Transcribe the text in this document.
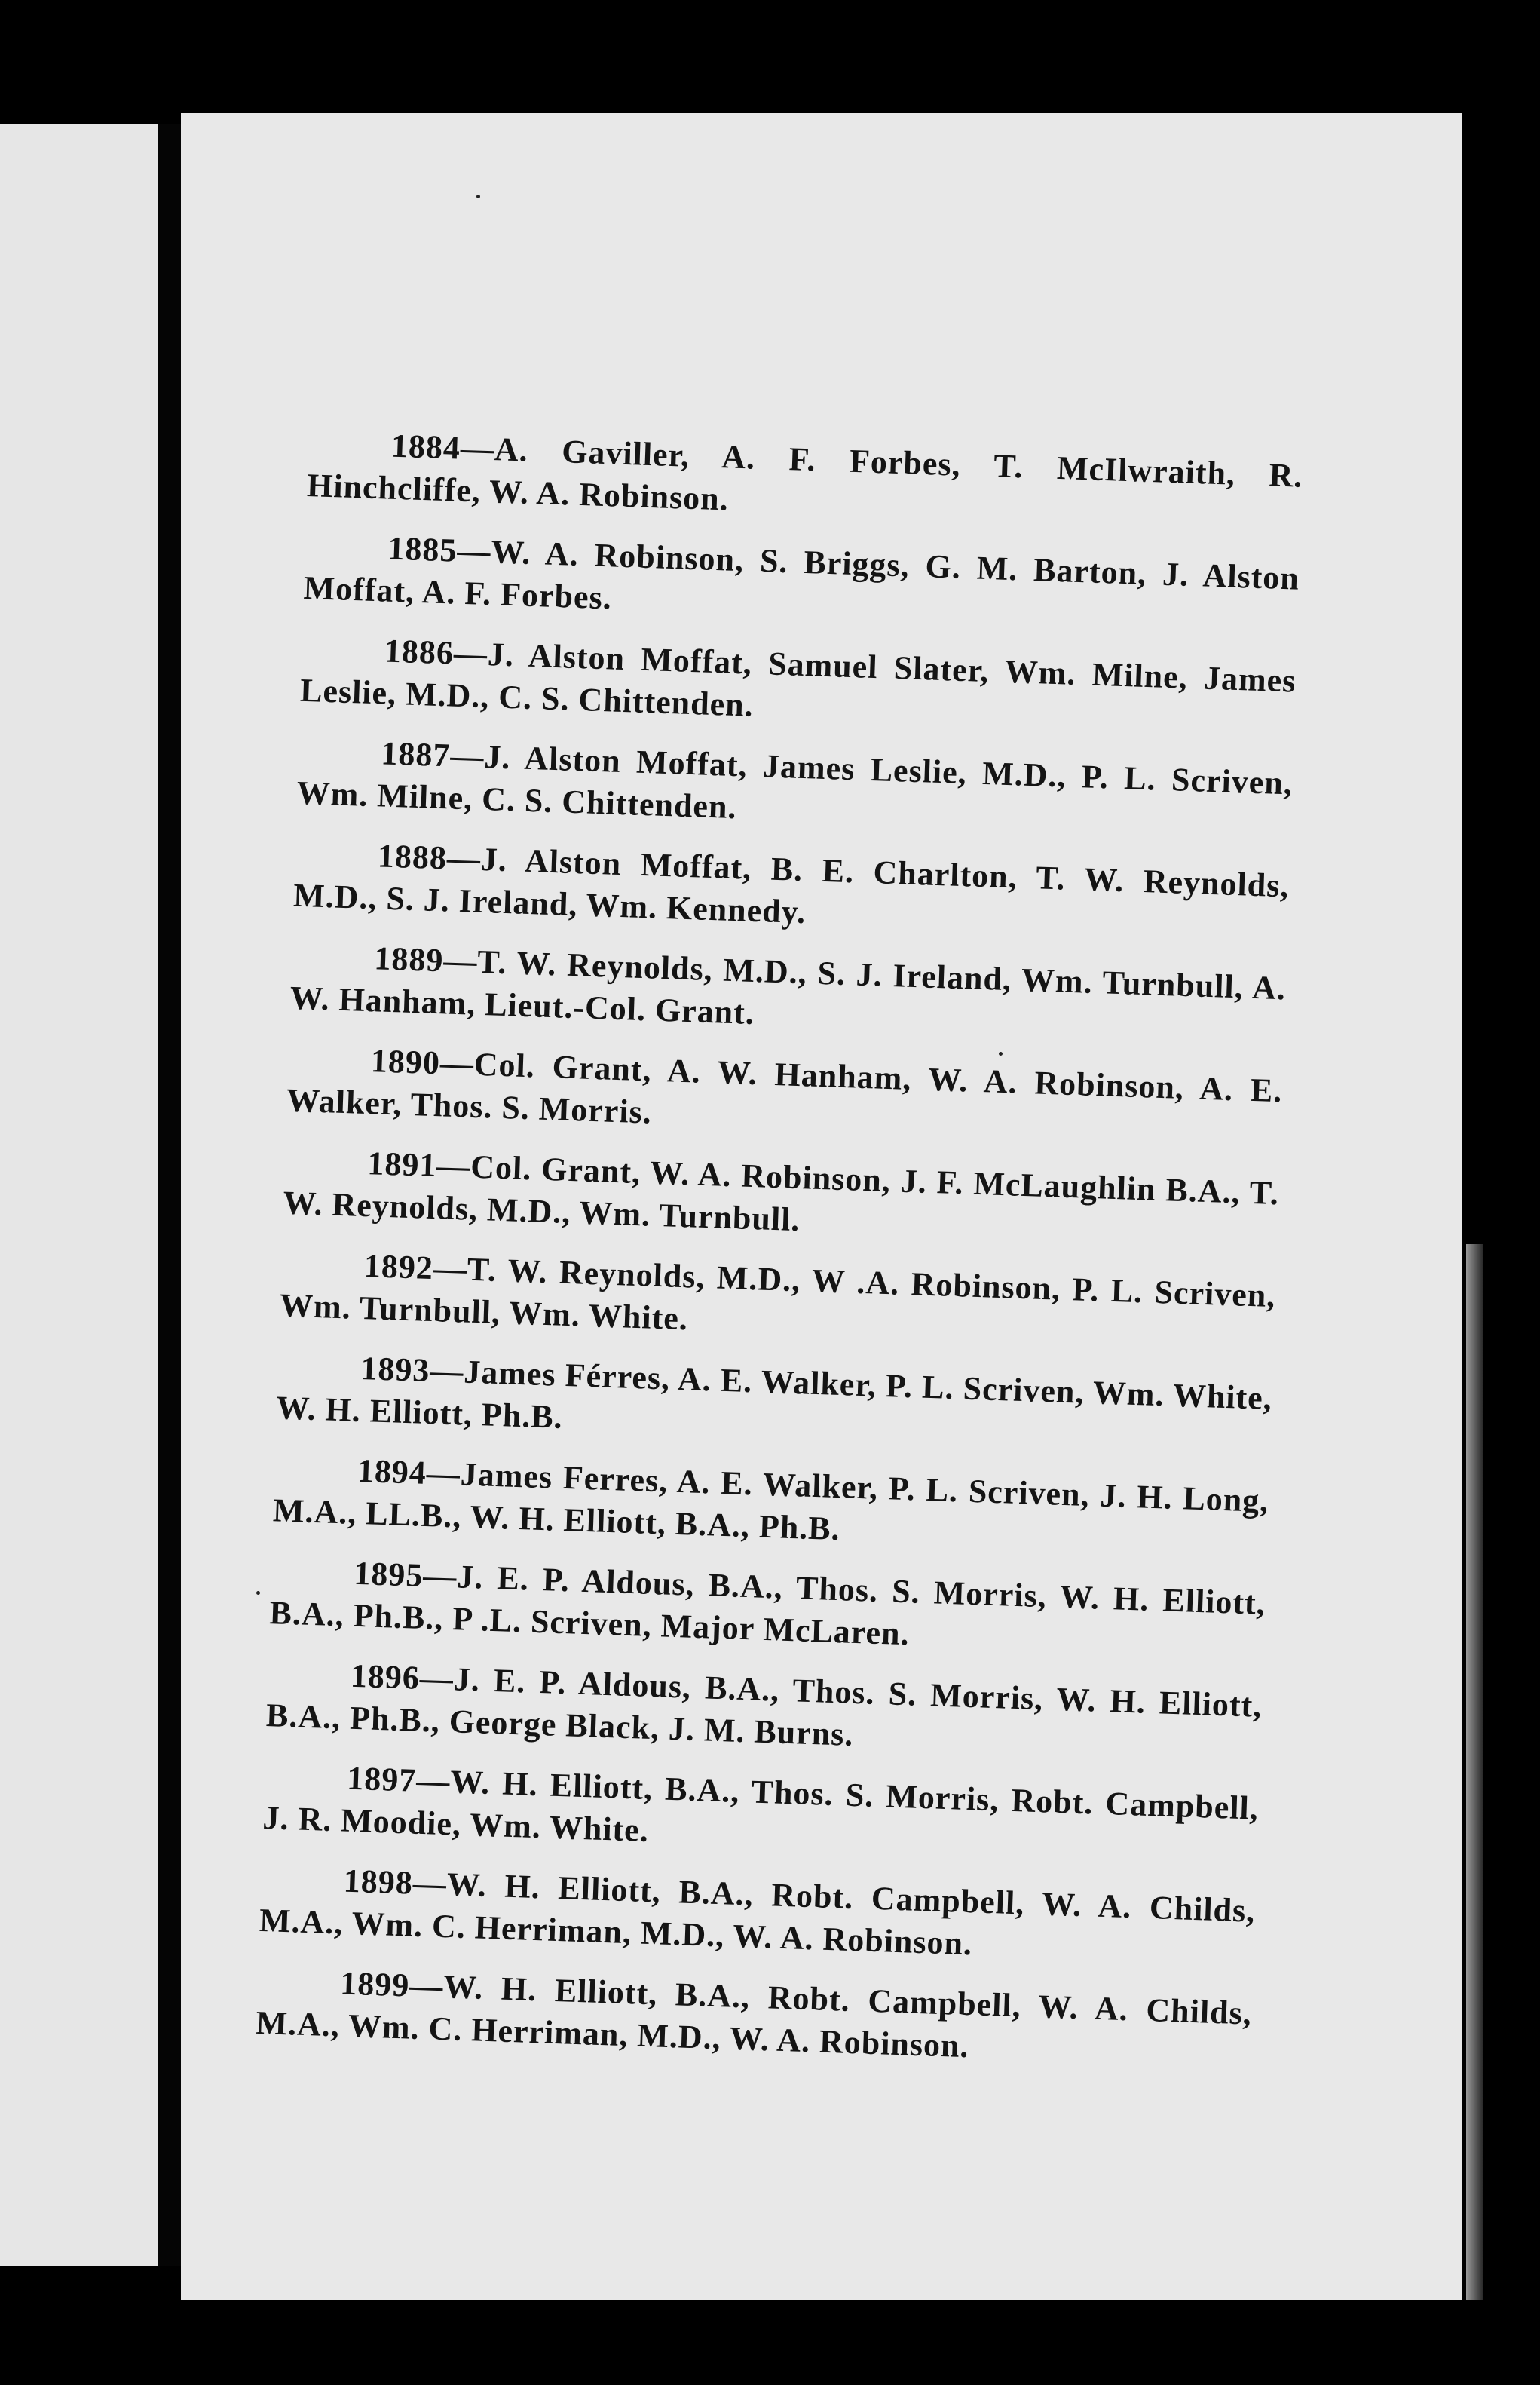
1884—A. Gaviller, A. F. Forbes, T. McIlwraith, R. Hinchcliffe, W. A. Robinson.

1885—W. A. Robinson, S. Briggs, G. M. Barton, J. Alston Moffat, A. F. Forbes.

1886—J. Alston Moffat, Samuel Slater, Wm. Milne, James Leslie, M.D., C. S. Chittenden.

1887—J. Alston Moffat, James Leslie, M.D., P. L. Scriven, Wm. Milne, C. S. Chittenden.

1888—J. Alston Moffat, B. E. Charlton, T. W. Reynolds, M.D., S. J. Ireland, Wm. Kennedy.

1889—T. W. Reynolds, M.D., S. J. Ireland, Wm. Turnbull, A. W. Hanham, Lieut.-Col. Grant.

1890—Col. Grant, A. W. Hanham, W. A. Robinson, A. E. Walker, Thos. S. Morris.

1891—Col. Grant, W. A. Robinson, J. F. McLaughlin B.A., T. W. Reynolds, M.D., Wm. Turnbull.

1892—T. W. Reynolds, M.D., W .A. Robinson, P. L. Scriven, Wm. Turnbull, Wm. White.

1893—James Férres, A. E. Walker, P. L. Scriven, Wm. White, W. H. Elliott, Ph.B.

1894—James Ferres, A. E. Walker, P. L. Scriven, J. H. Long, M.A., LL.B., W. H. Elliott, B.A., Ph.B.

1895—J. E. P. Aldous, B.A., Thos. S. Morris, W. H. Elliott, B.A., Ph.B., P .L. Scriven, Major McLaren.

1896—J. E. P. Aldous, B.A., Thos. S. Morris, W. H. Elliott, B.A., Ph.B., George Black, J. M. Burns.

1897—W. H. Elliott, B.A., Thos. S. Morris, Robt. Campbell, J. R. Moodie, Wm. White.

1898—W. H. Elliott, B.A., Robt. Campbell, W. A. Childs, M.A., Wm. C. Herriman, M.D., W. A. Robinson.

1899—W. H. Elliott, B.A., Robt. Campbell, W. A. Childs, M.A., Wm. C. Herriman, M.D., W. A. Robinson.
